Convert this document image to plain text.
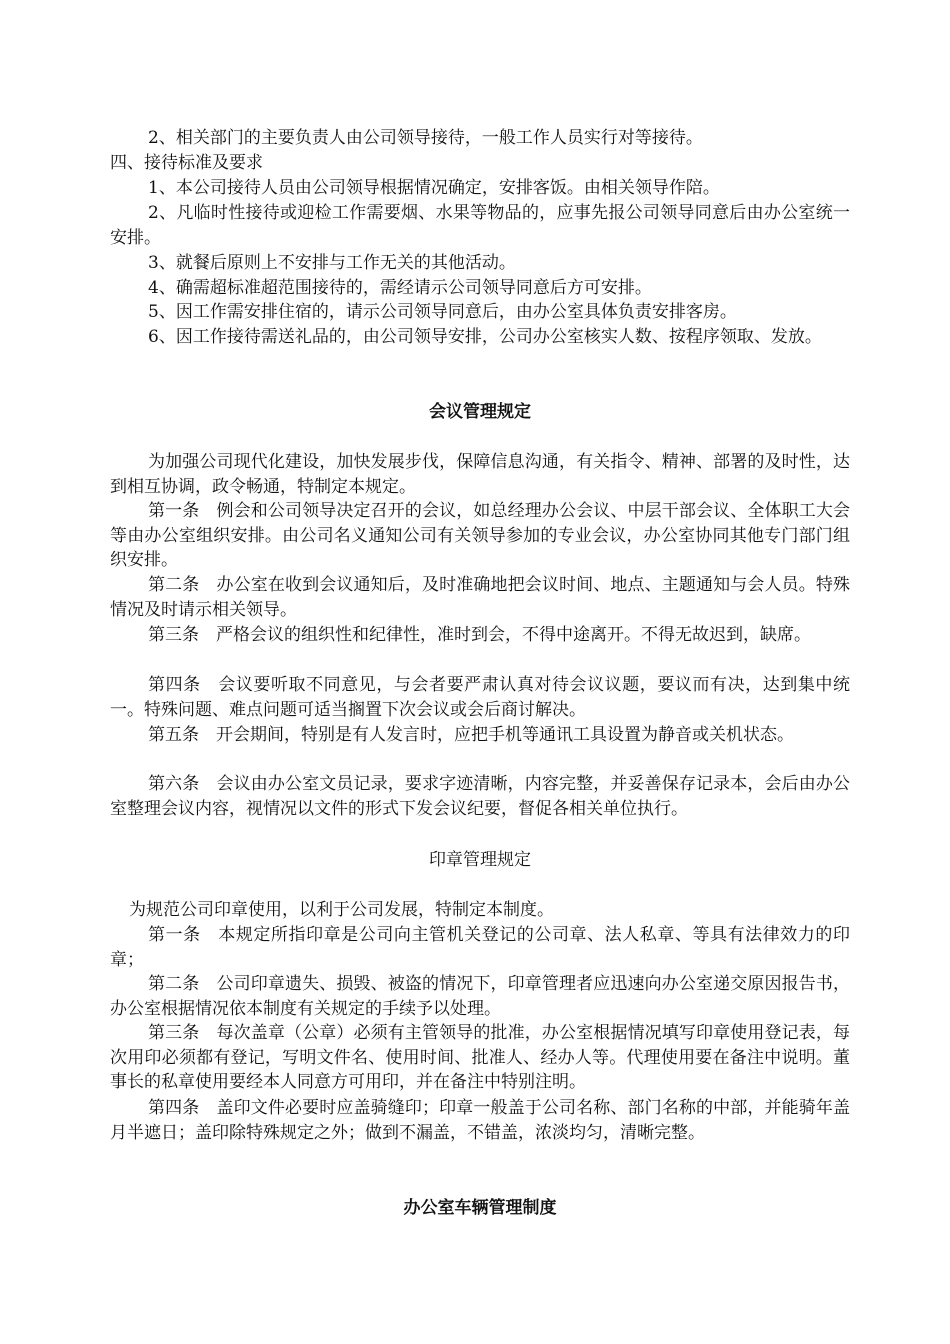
2、相关部门的主要负责人由公司领导接待，一般工作人员实行对等接待。

四、接待标准及要求

1、本公司接待人员由公司领导根据情况确定，安排客饭。由相关领导作陪。

2、凡临时性接待或迎检工作需要烟、水果等物品的，应事先报公司领导同意后由办公室统一安排。

3、就餐后原则上不安排与工作无关的其他活动。

4、确需超标准超范围接待的，需经请示公司领导同意后方可安排。

5、因工作需安排住宿的，请示公司领导同意后，由办公室具体负责安排客房。

6、因工作接待需送礼品的，由公司领导安排，公司办公室核实人数、按程序领取、发放。

会议管理规定

为加强公司现代化建设，加快发展步伐，保障信息沟通，有关指令、精神、部署的及时性，达到相互协调，政令畅通，特制定本规定。

第一条　例会和公司领导决定召开的会议，如总经理办公会议、中层干部会议、全体职工大会等由办公室组织安排。由公司名义通知公司有关领导参加的专业会议，办公室协同其他专门部门组织安排。

第二条　办公室在收到会议通知后，及时准确地把会议时间、地点、主题通知与会人员。特殊情况及时请示相关领导。

第三条　严格会议的组织性和纪律性，准时到会，不得中途离开。不得无故迟到，缺席。

第四条　会议要听取不同意见，与会者要严肃认真对待会议议题，要议而有决，达到集中统一。特殊问题、难点问题可适当搁置下次会议或会后商讨解决。

第五条　开会期间，特别是有人发言时，应把手机等通讯工具设置为静音或关机状态。

第六条　会议由办公室文员记录，要求字迹清晰，内容完整，并妥善保存记录本，会后由办公室整理会议内容，视情况以文件的形式下发会议纪要，督促各相关单位执行。

印章管理规定

为规范公司印章使用，以利于公司发展，特制定本制度。

第一条　本规定所指印章是公司向主管机关登记的公司章、法人私章、等具有法律效力的印章；

第二条　公司印章遗失、损毁、被盗的情况下，印章管理者应迅速向办公室递交原因报告书，办公室根据情况依本制度有关规定的手续予以处理。

第三条　每次盖章（公章）必须有主管领导的批准，办公室根据情况填写印章使用登记表，每次用印必须都有登记，写明文件名、使用时间、批准人、经办人等。代理使用要在备注中说明。董事长的私章使用要经本人同意方可用印，并在备注中特别注明。

第四条　盖印文件必要时应盖骑缝印；印章一般盖于公司名称、部门名称的中部，并能骑年盖月半遮日；盖印除特殊规定之外；做到不漏盖，不错盖，浓淡均匀，清晰完整。

办公室车辆管理制度
